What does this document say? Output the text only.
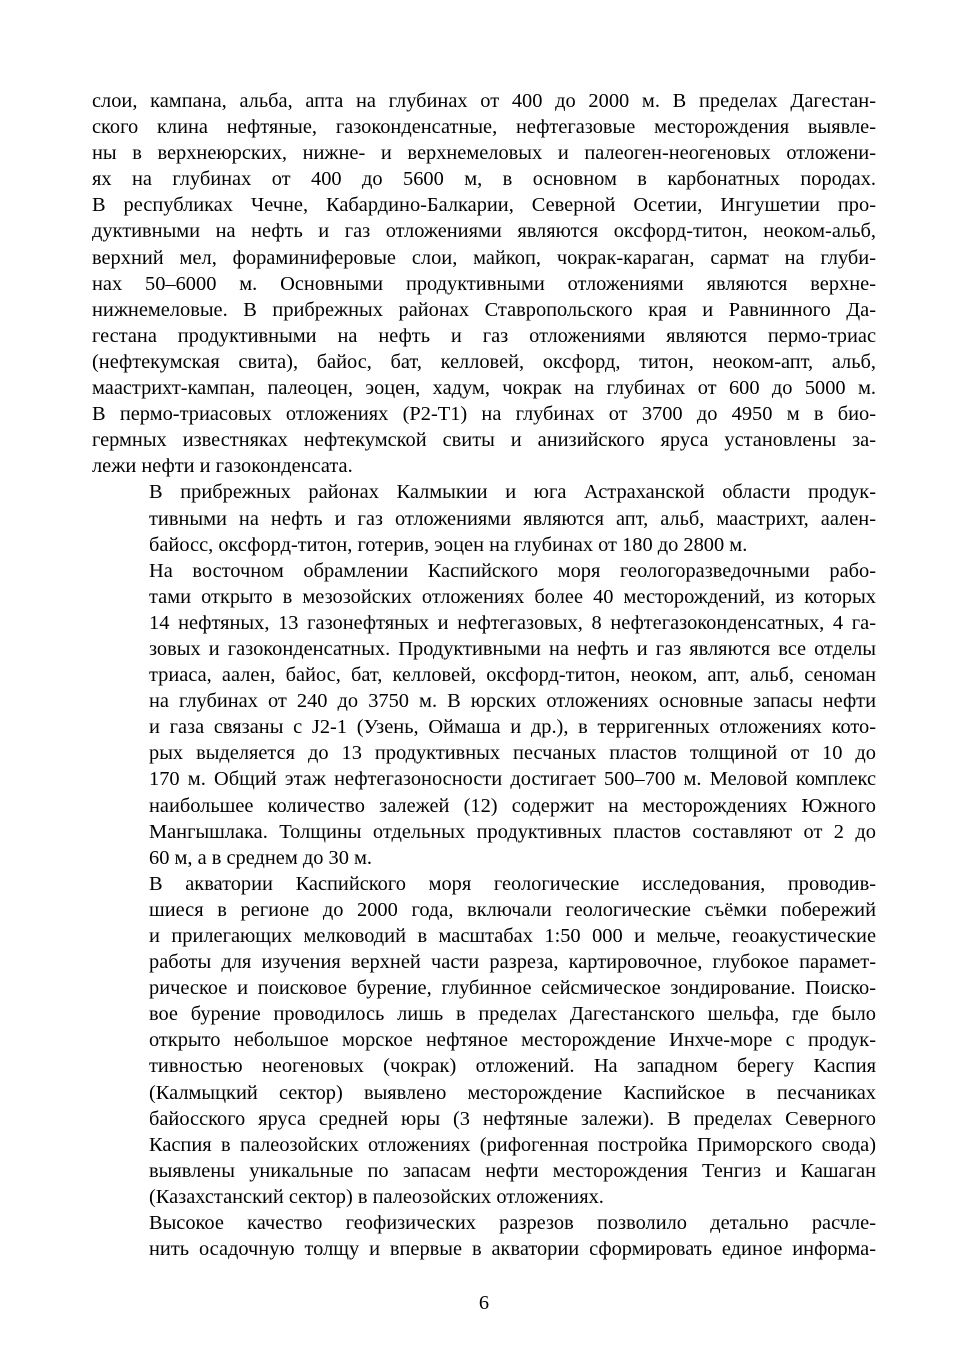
слои, кампана, альба, апта на глубинах от 400 до 2000 м. В пределах Дагестан-
ского клина нефтяные, газоконденсатные, нефтегазовые месторождения выявле-
ны в верхнеюрских, нижне- и верхнемеловых и палеоген-неогеновых отложени-
ях на глубинах от 400 до 5600 м, в основном в карбонатных породах.
В республиках Чечне, Кабардино-Балкарии, Северной Осетии, Ингушетии про-
дуктивными на нефть и газ отложениями являются оксфорд-титон, неоком-альб,
верхний мел, фораминиферовые слои, майкоп, чокрак-караган, сармат на глуби-
нах 50–6000 м. Основными продуктивными отложениями являются верхне-
нижнемеловые. В прибрежных районах Ставропольского края и Равнинного Да-
гестана продуктивными на нефть и газ отложениями являются пермо-триас
(нефтекумская свита), байос, бат, келловей, оксфорд, титон, неоком-апт, альб,
маастрихт-кампан, палеоцен, эоцен, хадум, чокрак на глубинах от 600 до 5000 м.
В пермо-триасовых отложениях (P2-T1) на глубинах от 3700 до 4950 м в био-
гермных известняках нефтекумской свиты и анизийского яруса установлены за-
лежи нефти и газоконденсата.

В прибрежных районах Калмыкии и юга Астраханской области продук-
тивными на нефть и газ отложениями являются апт, альб, маастрихт, аален-
байосс, оксфорд-титон, готерив, эоцен на глубинах от 180 до 2800 м.

На восточном обрамлении Каспийского моря геологоразведочными рабо-
тами открыто в мезозойских отложениях более 40 месторождений, из которых
14 нефтяных, 13 газонефтяных и нефтегазовых, 8 нефтегазоконденсатных, 4 га-
зовых и газоконденсатных. Продуктивными на нефть и газ являются все отделы
триаса, аален, байос, бат, келловей, оксфорд-титон, неоком, апт, альб, сеноман
на глубинах от 240 до 3750 м. В юрских отложениях основные запасы нефти
и газа связаны с J2-1 (Узень, Оймаша и др.), в терригенных отложениях кото-
рых выделяется до 13 продуктивных песчаных пластов толщиной от 10 до
170 м. Общий этаж нефтегазоносности достигает 500–700 м. Меловой комплекс
наибольшее количество залежей (12) содержит на месторождениях Южного
Мангышлака. Толщины отдельных продуктивных пластов составляют от 2 до
60 м, а в среднем до 30 м.

В акватории Каспийского моря геологические исследования, проводив-
шиеся в регионе до 2000 года, включали геологические съёмки побережий
и прилегающих мелководий в масштабах 1:50 000 и мельче, геоакустические
работы для изучения верхней части разреза, картировочное, глубокое парамет-
рическое и поисковое бурение, глубинное сейсмическое зондирование. Поиско-
вое бурение проводилось лишь в пределах Дагестанского шельфа, где было
открыто небольшое морское нефтяное месторождение Инхче-море с продук-
тивностью неогеновых (чокрак) отложений. На западном берегу Каспия
(Калмыцкий сектор) выявлено месторождение Каспийское в песчаниках
байосского яруса средней юры (3 нефтяные залежи). В пределах Северного
Каспия в палеозойских отложениях (рифогенная постройка Приморского свода)
выявлены уникальные по запасам нефти месторождения Тенгиз и Кашаган
(Казахстанский сектор) в палеозойских отложениях.

Высокое качество геофизических разрезов позволило детально расчле-
нить осадочную толщу и впервые в акватории сформировать единое информа-

6
